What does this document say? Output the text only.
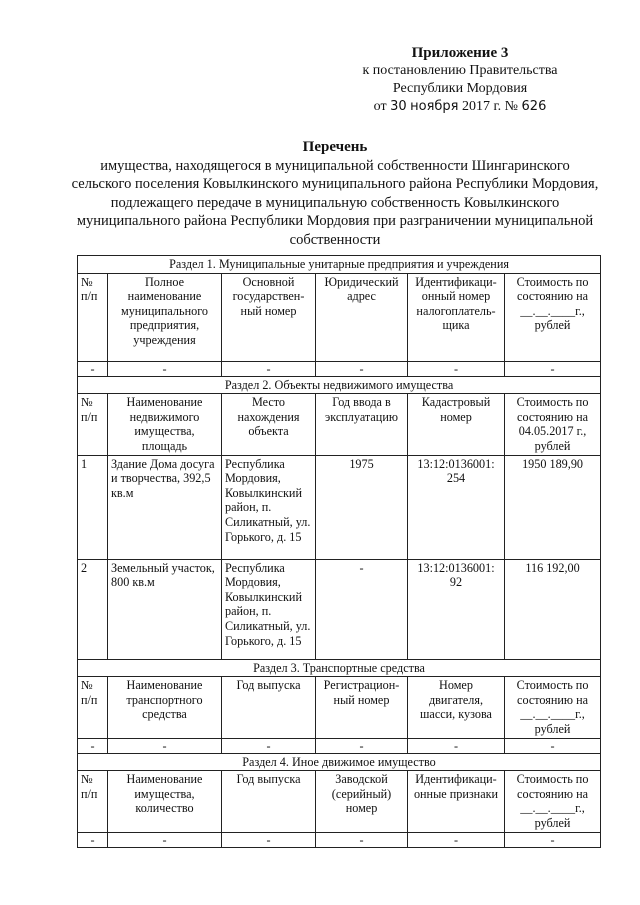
Приложение 3
к постановлению Правительства
Республики Мордовия
от 30 ноября 2017 г. № 626
Перечень
имущества, находящегося в муниципальной собственности Шингаринского сельского поселения Ковылкинского муниципального района Республики Мордовия, подлежащего передаче в муниципальную собственность Ковылкинского муниципального района Республики Мордовия при разграничении муниципальной собственности
Раздел 1. Муниципальные унитарные предприятия и учреждения					
№ п/п	Полное наименование муниципального предприятия, учреждения	Основной государствен-ный номер	Юридический адрес	Идентификаци-онный номер налогоплатель-щика	Стоимость по состоянию на __.__.____г., рублей
-	-	-	-	-	-
Раздел 2. Объекты недвижимого имущества					
№ п/п	Наименование недвижимого имущества, площадь	Место нахождения объекта	Год ввода в эксплуатацию	Кадастровый номер	Стоимость по состоянию на 04.05.2017 г., рублей
1	Здание Дома досуга и творчества, 392,5 кв.м	Республика Мордовия, Ковылкинский район, п. Силикатный, ул. Горького, д. 15	1975	13:12:0136001: 254	1950 189,90
2	Земельный участок, 800 кв.м	Республика Мордовия, Ковылкинский район, п. Силикатный, ул. Горького, д. 15	-	13:12:0136001: 92	116 192,00
Раздел 3. Транспортные средства					
№ п/п	Наименование транспортного средства	Год выпуска	Регистрацион-ный номер	Номер двигателя, шасси, кузова	Стоимость по состоянию на __.__.____г., рублей
-	-	-	-	-	-
Раздел 4. Иное движимое имущество					
№ п/п	Наименование имущества, количество	Год выпуска	Заводской (серийный) номер	Идентификаци-онные признаки	Стоимость по состоянию на __.__.____г., рублей
-	-	-	-	-	-
